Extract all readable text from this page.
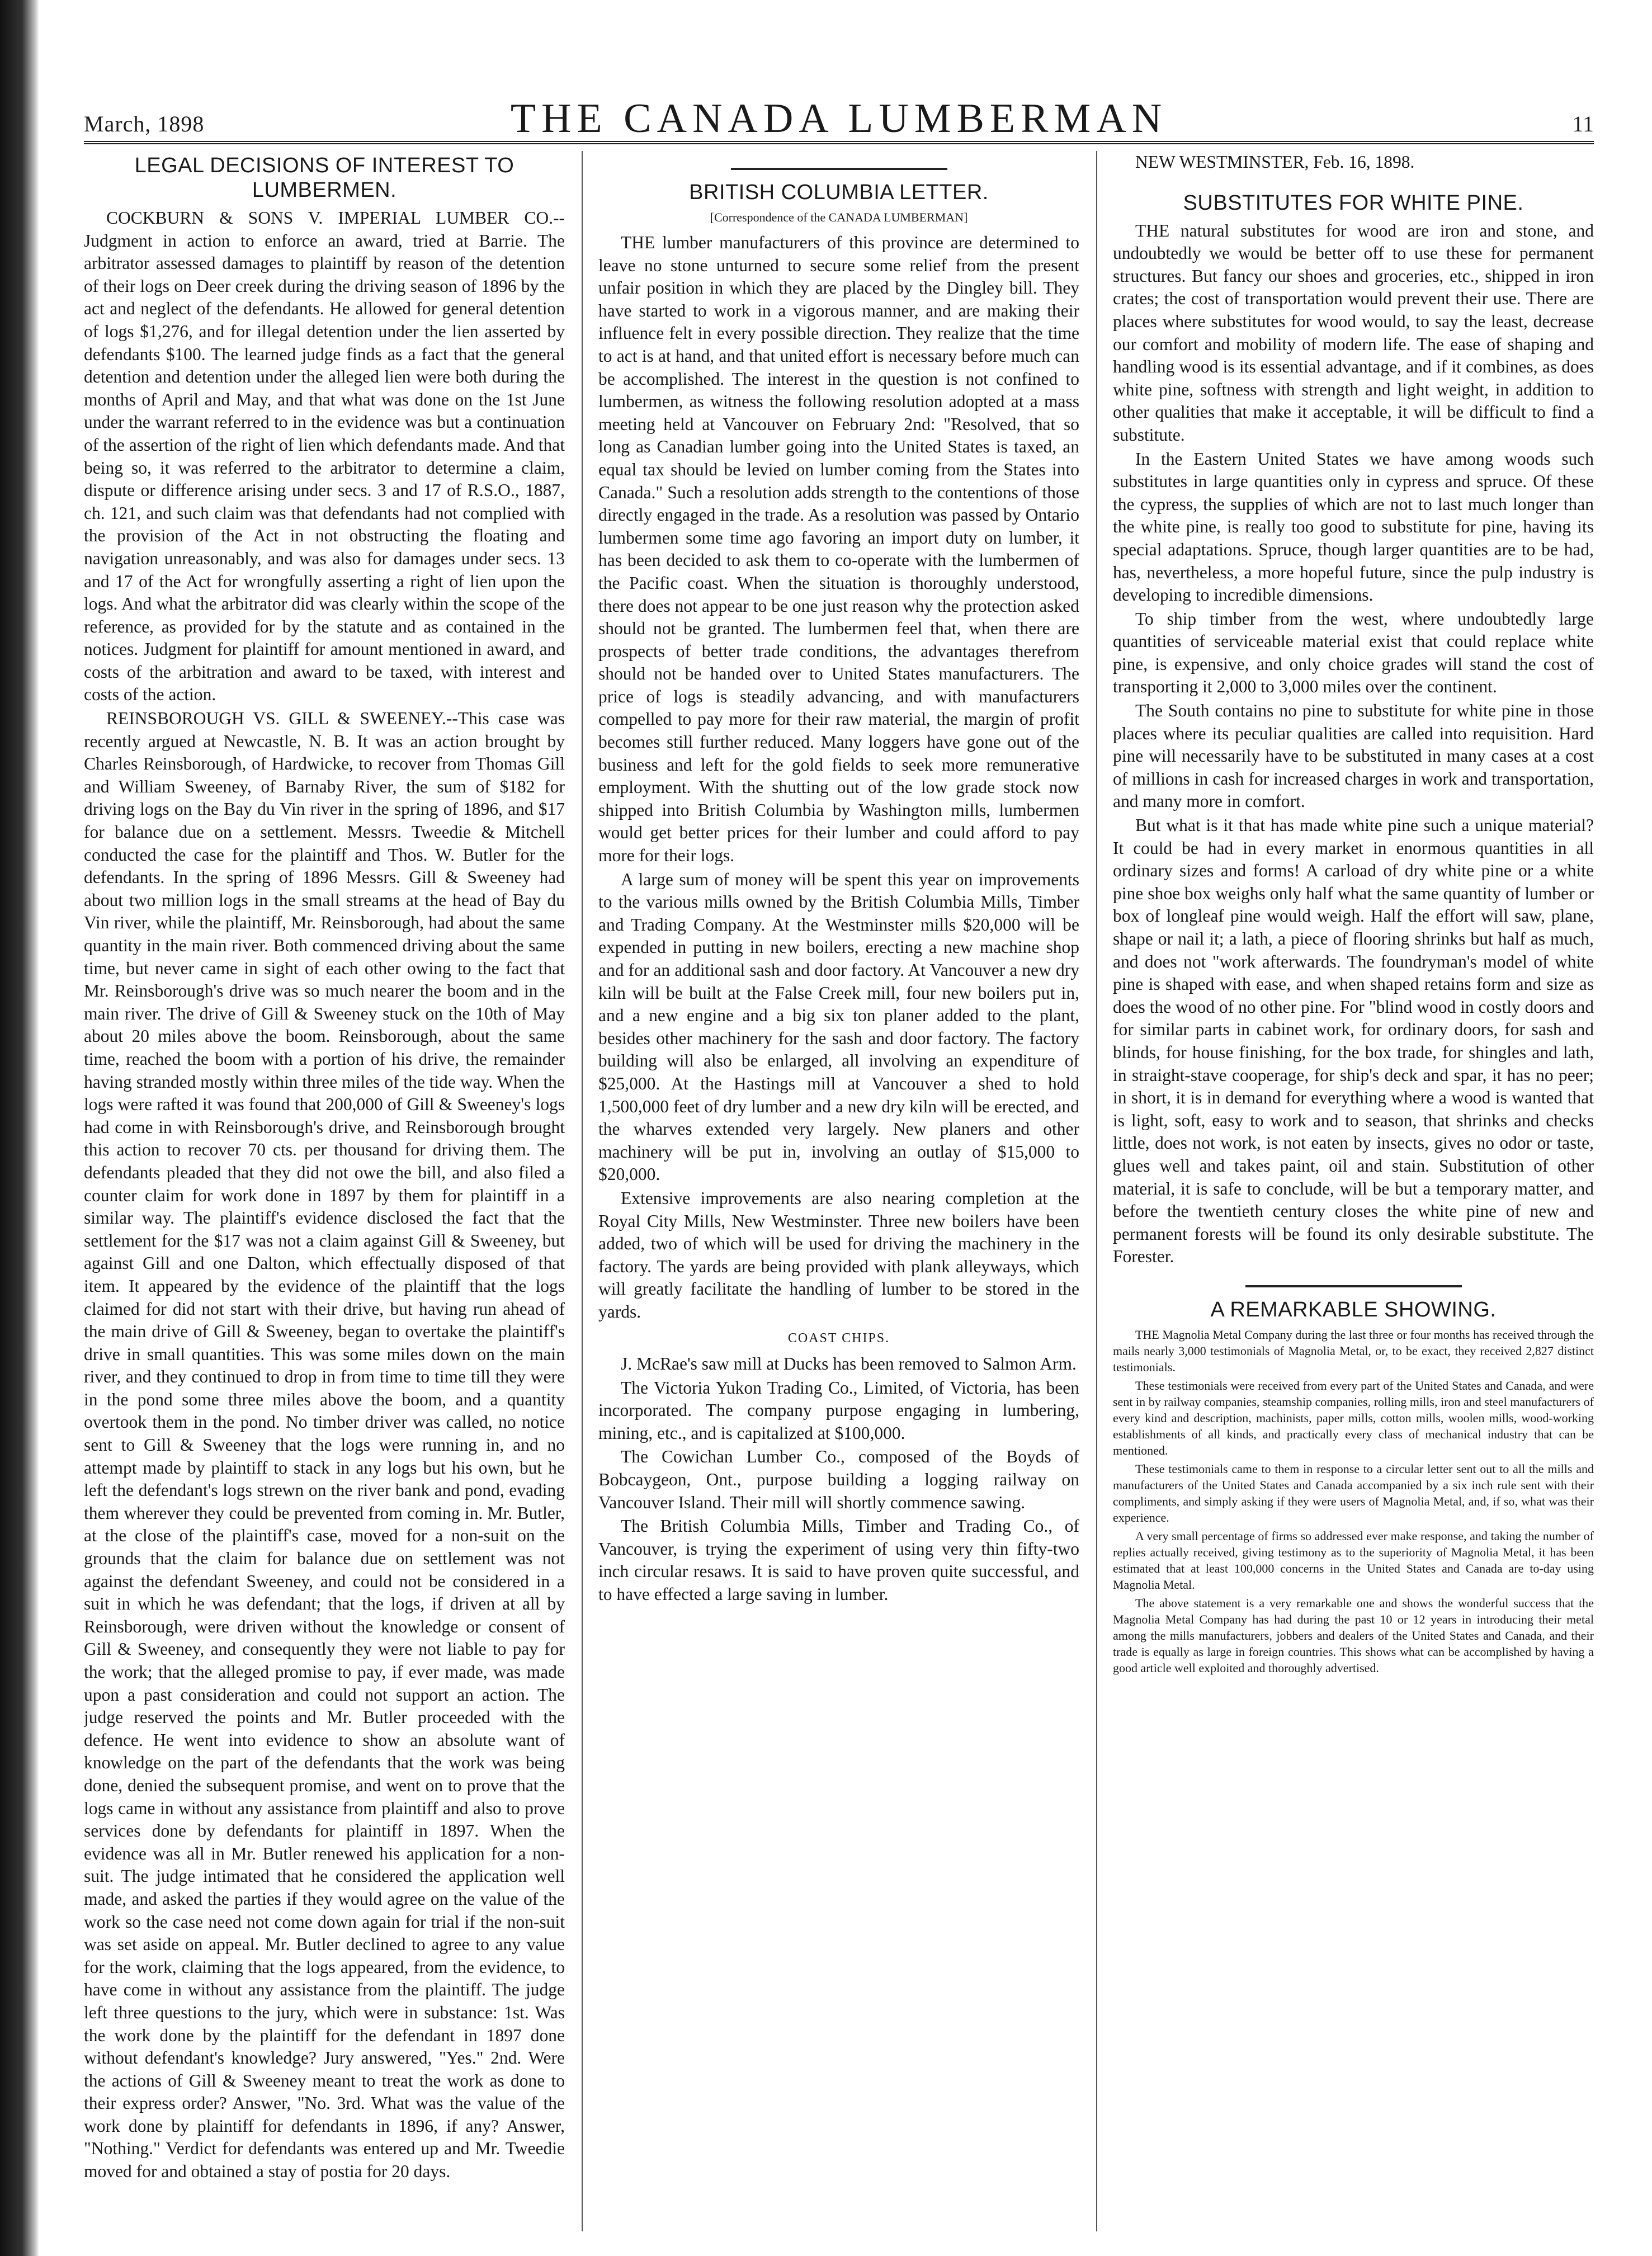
March, 1898	THE CANADA LUMBERMAN	11
LEGAL DECISIONS OF INTEREST TO LUMBERMEN.

COCKBURN & SONS V. IMPERIAL LUMBER CO.--Judgment in action to enforce an award, tried at Barrie. The arbitrator assessed damages to plaintiff by reason of the detention of their logs on Deer creek during the driving season of 1896 by the act and neglect of the defendants. He allowed for general detention of logs $1,276, and for illegal detention under the lien asserted by defendants $100. The learned judge finds as a fact that the general detention and detention under the alleged lien were both during the months of April and May, and that what was done on the 1st June under the warrant referred to in the evidence was but a continuation of the assertion of the right of lien which defendants made. And that being so, it was referred to the arbitrator to determine a claim, dispute or difference arising under secs. 3 and 17 of R.S.O., 1887, ch. 121, and such claim was that defendants had not complied with the provision of the Act in not obstructing the floating and navigation unreasonably, and was also for damages under secs. 13 and 17 of the Act for wrongfully asserting a right of lien upon the logs. And what the arbitrator did was clearly within the scope of the reference, as provided for by the statute and as contained in the notices. Judgment for plaintiff for amount mentioned in award, and costs of the arbitration and award to be taxed, with interest and costs of the action.

REINSBOROUGH VS. GILL & SWEENEY.--This case was recently argued at Newcastle, N. B. It was an action brought by Charles Reinsborough, of Hardwicke, to recover from Thomas Gill and William Sweeney, of Barnaby River, the sum of $182 for driving logs on the Bay du Vin river in the spring of 1896, and $17 for balance due on a settlement. Messrs. Tweedie & Mitchell conducted the case for the plaintiff and Thos. W. Butler for the defendants. In the spring of 1896 Messrs. Gill & Sweeney had about two million logs in the small streams at the head of Bay du Vin river, while the plaintiff, Mr. Reinsborough, had about the same quantity in the main river. Both commenced driving about the same time, but never came in sight of each other owing to the fact that Mr. Reinsborough's drive was so much nearer the boom and in the main river. The drive of Gill & Sweeney stuck on the 10th of May about 20 miles above the boom. Reinsborough, about the same time, reached the boom with a portion of his drive, the remainder having stranded mostly within three miles of the tide way. When the logs were rafted it was found that 200,000 of Gill & Sweeney's logs had come in with Reinsborough's drive, and Reinsborough brought this action to recover 70 cts. per thousand for driving them. The defendants pleaded that they did not owe the bill, and also filed a counter claim for work done in 1897 by them for plaintiff in a similar way. The plaintiff's evidence disclosed the fact that the settlement for the $17 was not a claim against Gill & Sweeney, but against Gill and one Dalton, which effectually disposed of that item. It appeared by the evidence of the plaintiff that the logs claimed for did not start with their drive, but having run ahead of the main drive of Gill & Sweeney, began to overtake the plaintiff's drive in small quantities. This was some miles down on the main river, and they continued to drop in from time to time till they were in the pond some three miles above the boom, and a quantity overtook them in the pond. No timber driver was called, no notice sent to Gill & Sweeney that the logs were running in, and no attempt made by plaintiff to stack in any logs but his own, but he left the defendant's logs strewn on the river bank and pond, evading them wherever they could be prevented from coming in. Mr. Butler, at the close of the plaintiff's case, moved for a non-suit on the grounds that the claim for balance due on settlement was not against the defendant Sweeney, and could not be considered in a suit in which he was defendant; that the logs, if driven at all by Reinsborough, were driven without the knowledge or consent of Gill & Sweeney, and consequently they were not liable to pay for the work; that the alleged promise to pay, if ever made, was made upon a past consideration and could not support an action. The judge reserved the points and Mr. Butler proceeded with the defence. He went into evidence to show an absolute want of knowledge on the part of the defendants that the work was being done, denied the subsequent promise, and went on to prove that the logs came in without any assistance from plaintiff and also to prove services done by defendants for plaintiff in 1897. When the evidence was all in Mr. Butler renewed his application for a non-suit. The judge intimated that he considered the application well made, and asked the parties if they would agree on the value of the work so the case need not come down again for trial if the non-suit was set aside on appeal. Mr. Butler declined to agree to any value for the work, claiming that the logs appeared, from the evidence, to have come in without any assistance from the plaintiff. The judge left three questions to the jury, which were in substance: 1st. Was the work done by the plaintiff for the defendant in 1897 done without defendant's knowledge? Jury answered, "Yes." 2nd. Were the actions of Gill & Sweeney meant to treat the work as done to their express order? Answer, "No. 3rd. What was the value of the work done by plaintiff for defendants in 1896, if any? Answer, "Nothing." Verdict for defendants was entered up and Mr. Tweedie moved for and obtained a stay of postia for 20 days.

BRITISH COLUMBIA LETTER.

[Correspondence of the CANADA LUMBERMAN]

THE lumber manufacturers of this province are determined to leave no stone unturned to secure some relief from the present unfair position in which they are placed by the Dingley bill. They have started to work in a vigorous manner, and are making their influence felt in every possible direction. They realize that the time to act is at hand, and that united effort is necessary before much can be accomplished. The interest in the question is not confined to lumbermen, as witness the following resolution adopted at a mass meeting held at Vancouver on February 2nd: "Resolved, that so long as Canadian lumber going into the United States is taxed, an equal tax should be levied on lumber coming from the States into Canada." Such a resolution adds strength to the contentions of those directly engaged in the trade. As a resolution was passed by Ontario lumbermen some time ago favoring an import duty on lumber, it has been decided to ask them to co-operate with the lumbermen of the Pacific coast. When the situation is thoroughly understood, there does not appear to be one just reason why the protection asked should not be granted. The lumbermen feel that, when there are prospects of better trade conditions, the advantages therefrom should not be handed over to United States manufacturers. The price of logs is steadily advancing, and with manufacturers compelled to pay more for their raw material, the margin of profit becomes still further reduced. Many loggers have gone out of the business and left for the gold fields to seek more remunerative employment. With the shutting out of the low grade stock now shipped into British Columbia by Washington mills, lumbermen would get better prices for their lumber and could afford to pay more for their logs.

A large sum of money will be spent this year on improvements to the various mills owned by the British Columbia Mills, Timber and Trading Company. At the Westminster mills $20,000 will be expended in putting in new boilers, erecting a new machine shop and for an additional sash and door factory. At Vancouver a new dry kiln will be built at the False Creek mill, four new boilers put in, and a new engine and a big six ton planer added to the plant, besides other machinery for the sash and door factory. The factory building will also be enlarged, all involving an expenditure of $25,000. At the Hastings mill at Vancouver a shed to hold 1,500,000 feet of dry lumber and a new dry kiln will be erected, and the wharves extended very largely. New planers and other machinery will be put in, involving an outlay of $15,000 to $20,000.

Extensive improvements are also nearing completion at the Royal City Mills, New Westminster. Three new boilers have been added, two of which will be used for driving the machinery in the factory. The yards are being provided with plank alleyways, which will greatly facilitate the handling of lumber to be stored in the yards.

COAST CHIPS.

J. McRae's saw mill at Ducks has been removed to Salmon Arm.

The Victoria Yukon Trading Co., Limited, of Victoria, has been incorporated. The company purpose engaging in lumbering, mining, etc., and is capitalized at $100,000.

The Cowichan Lumber Co., composed of the Boyds of Bobcaygeon, Ont., purpose building a logging railway on Vancouver Island. Their mill will shortly commence sawing.

The British Columbia Mills, Timber and Trading Co., of Vancouver, is trying the experiment of using very thin fifty-two inch circular resaws. It is said to have proven quite successful, and to have effected a large saving in lumber.

NEW WESTMINSTER, Feb. 16, 1898.

SUBSTITUTES FOR WHITE PINE.

THE natural substitutes for wood are iron and stone, and undoubtedly we would be better off to use these for permanent structures. But fancy our shoes and groceries, etc., shipped in iron crates; the cost of transportation would prevent their use. There are places where substitutes for wood would, to say the least, decrease our comfort and mobility of modern life. The ease of shaping and handling wood is its essential advantage, and if it combines, as does white pine, softness with strength and light weight, in addition to other qualities that make it acceptable, it will be difficult to find a substitute.

In the Eastern United States we have among woods such substitutes in large quantities only in cypress and spruce. Of these the cypress, the supplies of which are not to last much longer than the white pine, is really too good to substitute for pine, having its special adaptations. Spruce, though larger quantities are to be had, has, nevertheless, a more hopeful future, since the pulp industry is developing to incredible dimensions.

To ship timber from the west, where undoubtedly large quantities of serviceable material exist that could replace white pine, is expensive, and only choice grades will stand the cost of transporting it 2,000 to 3,000 miles over the continent.

The South contains no pine to substitute for white pine in those places where its peculiar qualities are called into requisition. Hard pine will necessarily have to be substituted in many cases at a cost of millions in cash for increased charges in work and transportation, and many more in comfort.

But what is it that has made white pine such a unique material? It could be had in every market in enormous quantities in all ordinary sizes and forms! A carload of dry white pine or a white pine shoe box weighs only half what the same quantity of lumber or box of longleaf pine would weigh. Half the effort will saw, plane, shape or nail it; a lath, a piece of flooring shrinks but half as much, and does not "work afterwards. The foundryman's model of white pine is shaped with ease, and when shaped retains form and size as does the wood of no other pine. For "blind wood in costly doors and for similar parts in cabinet work, for ordinary doors, for sash and blinds, for house finishing, for the box trade, for shingles and lath, in straight-stave cooperage, for ship's deck and spar, it has no peer; in short, it is in demand for everything where a wood is wanted that is light, soft, easy to work and to season, that shrinks and checks little, does not work, is not eaten by insects, gives no odor or taste, glues well and takes paint, oil and stain. Substitution of other material, it is safe to conclude, will be but a temporary matter, and before the twentieth century closes the white pine of new and permanent forests will be found its only desirable substitute. The Forester.

A REMARKABLE SHOWING.

THE Magnolia Metal Company during the last three or four months has received through the mails nearly 3,000 testimonials of Magnolia Metal, or, to be exact, they received 2,827 distinct testimonials.

These testimonials were received from every part of the United States and Canada, and were sent in by railway companies, steamship companies, rolling mills, iron and steel manufacturers of every kind and description, machinists, paper mills, cotton mills, woolen mills, wood-working establishments of all kinds, and practically every class of mechanical industry that can be mentioned.

These testimonials came to them in response to a circular letter sent out to all the mills and manufacturers of the United States and Canada accompanied by a six inch rule sent with their compliments, and simply asking if they were users of Magnolia Metal, and, if so, what was their experience.

A very small percentage of firms so addressed ever make response, and taking the number of replies actually received, giving testimony as to the superiority of Magnolia Metal, it has been estimated that at least 100,000 concerns in the United States and Canada are to-day using Magnolia Metal.

The above statement is a very remarkable one and shows the wonderful success that the Magnolia Metal Company has had during the past 10 or 12 years in introducing their metal among the mills manufacturers, jobbers and dealers of the United States and Canada, and their trade is equally as large in foreign countries. This shows what can be accomplished by having a good article well exploited and thoroughly advertised.
